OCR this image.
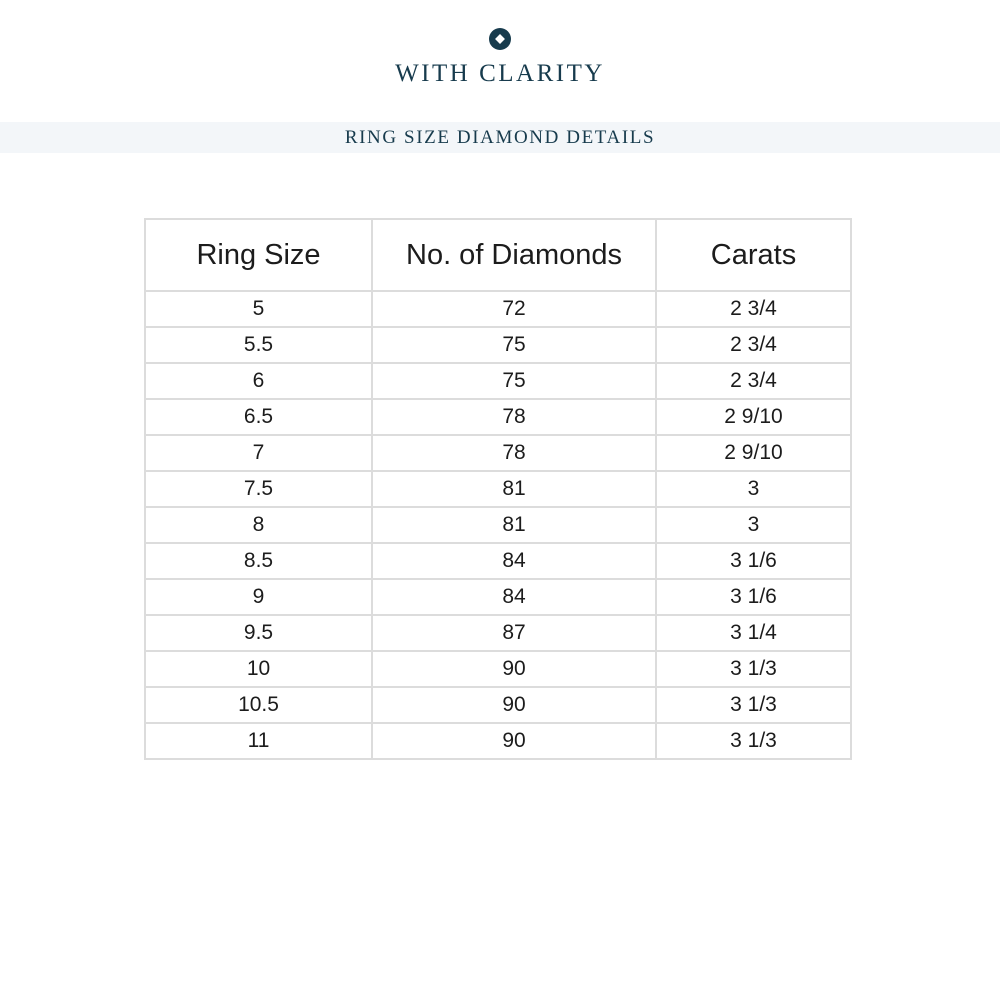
WITH CLARITY
RING SIZE DIAMOND DETAILS
Ring Size	No. of Diamonds	Carats
5	72	2 3/4
5.5	75	2 3/4
6	75	2 3/4
6.5	78	2 9/10
7	78	2 9/10
7.5	81	3
8	81	3
8.5	84	3 1/6
9	84	3 1/6
9.5	87	3 1/4
10	90	3 1/3
10.5	90	3 1/3
11	90	3 1/3
